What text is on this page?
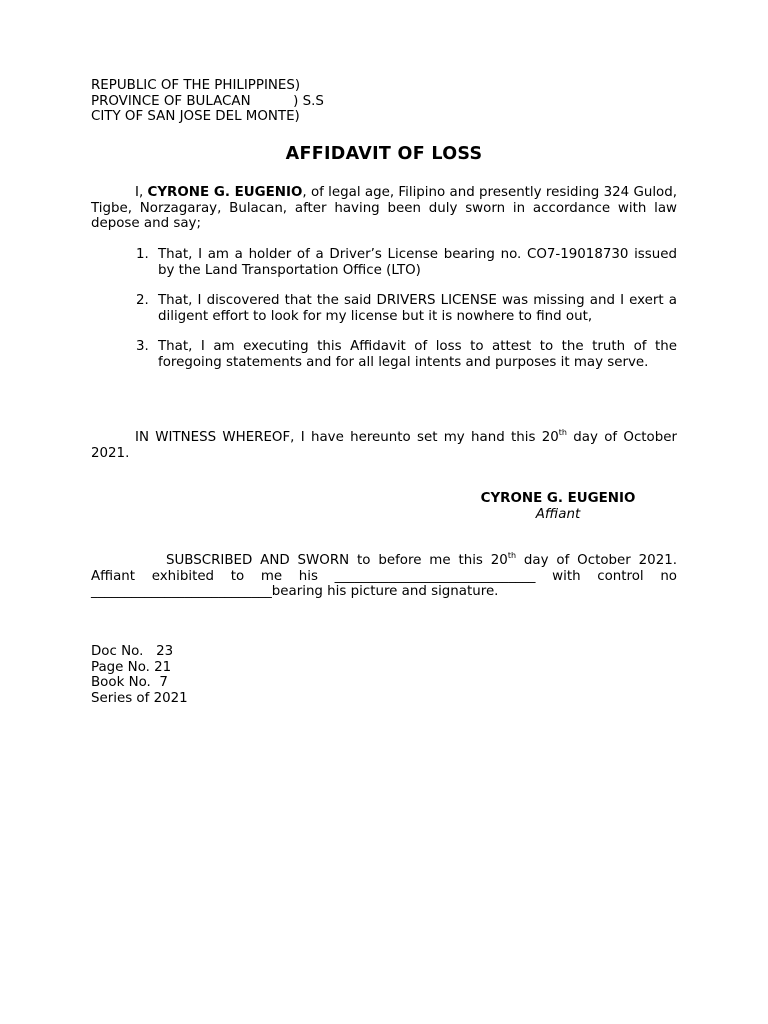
REPUBLIC OF THE PHILIPPINES)
PROVINCE OF BULACAN          ) S.S
CITY OF SAN JOSE DEL MONTE)
AFFIDAVIT OF LOSS
I, CYRONE G. EUGENIO, of legal age, Filipino and presently residing 324 Gulod, Tigbe, Norzagaray, Bulacan, after having been duly sworn in accordance with law depose and say;
1. That, I am a holder of a Driver’s License bearing no. CO7-19018730 issued by the Land Transportation Office (LTO)
2. That, I discovered that the said DRIVERS LICENSE was missing and I exert a diligent effort to look for my license but it is nowhere to find out,
3. That, I am executing this Affidavit of loss to attest to the truth of the foregoing statements and for all legal intents and purposes it may serve.
IN WITNESS WHEREOF, I have hereunto set my hand this 20th day of October 2021.
CYRONE G. EUGENIO
Affiant
SUBSCRIBED AND SWORN to before me this 20th day of October 2021. Affiant exhibited to me his ______________________________ with control no ___________________________bearing his picture and signature.
Doc No.   23
Page No. 21
Book No.  7
Series of 2021
